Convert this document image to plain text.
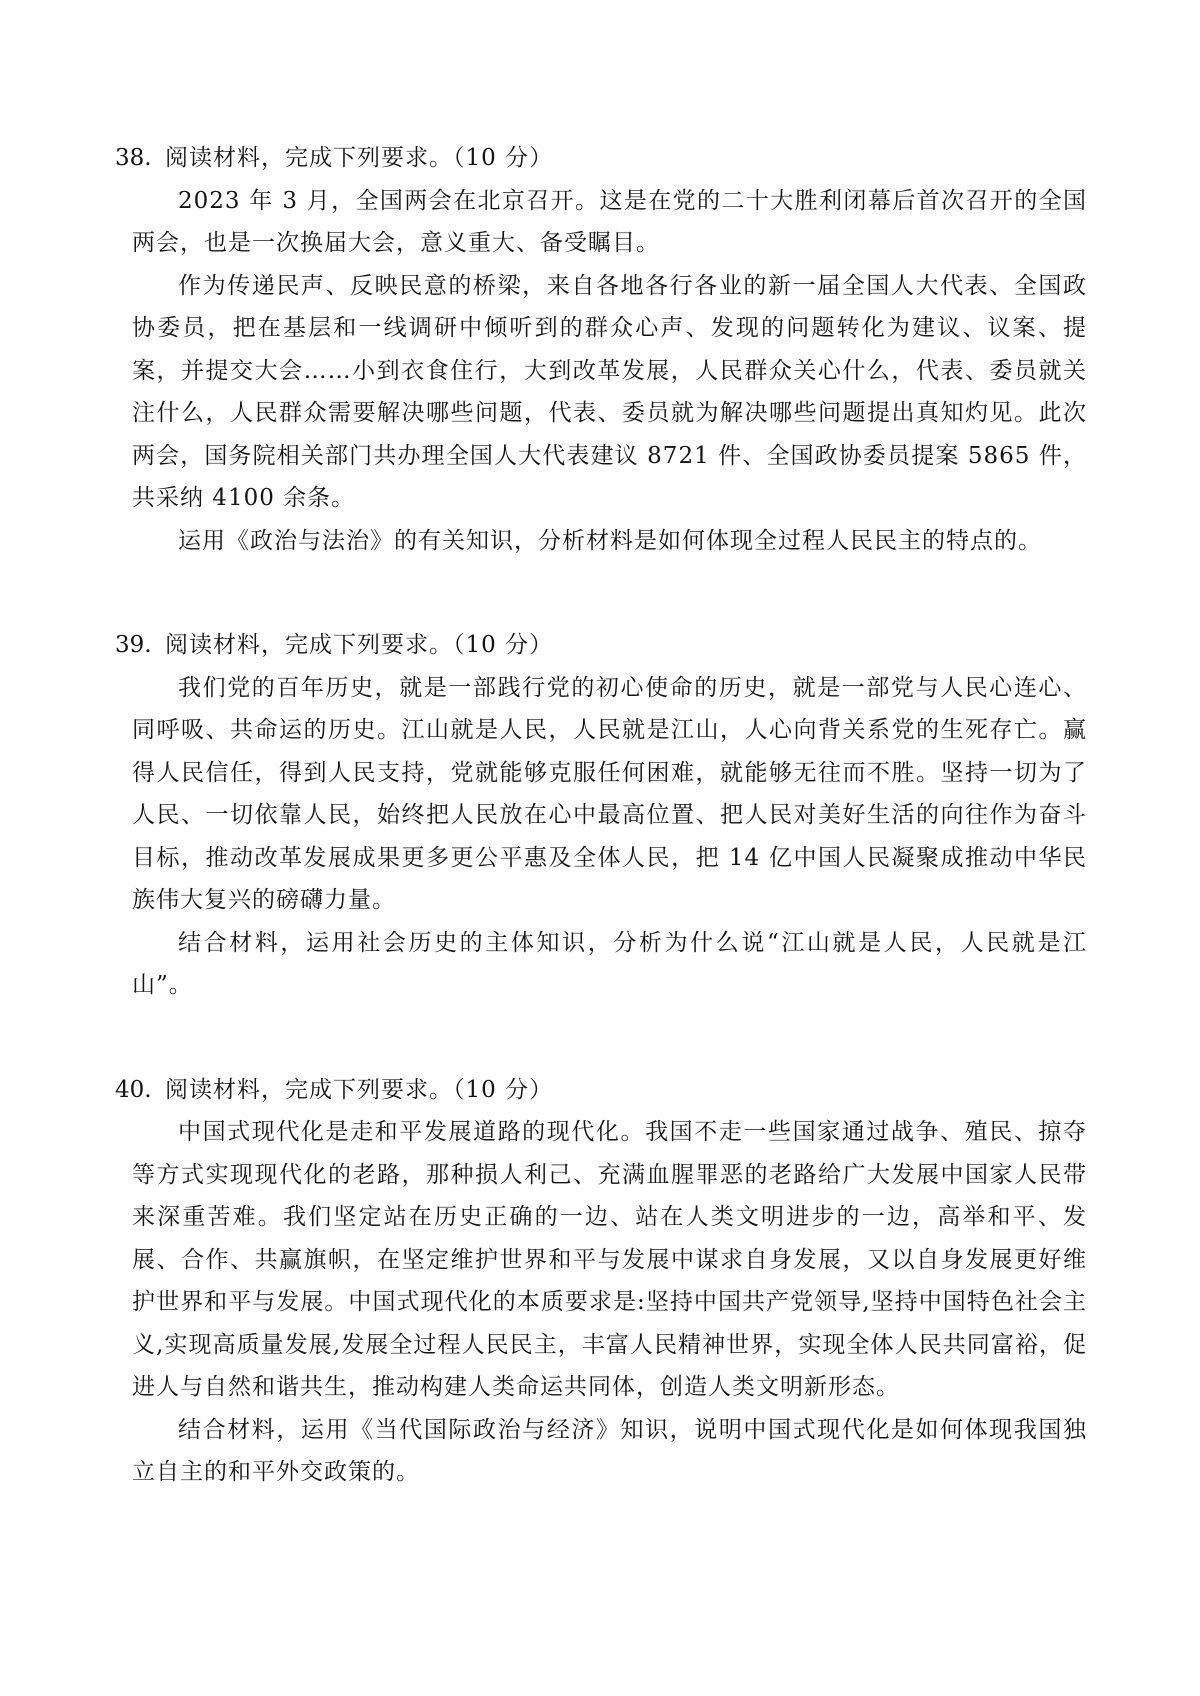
38. 阅读材料，完成下列要求。（10 分）

2023 年 3 月，全国两会在北京召开。这是在党的二十大胜利闭幕后首次召开的全国两会，也是一次换届大会，意义重大、备受瞩目。

作为传递民声、反映民意的桥梁，来自各地各行各业的新一届全国人大代表、全国政协委员，把在基层和一线调研中倾听到的群众心声、发现的问题转化为建议、议案、提案，并提交大会……小到衣食住行，大到改革发展，人民群众关心什么，代表、委员就关注什么，人民群众需要解决哪些问题，代表、委员就为解决哪些问题提出真知灼见。此次两会，国务院相关部门共办理全国人大代表建议 8721 件、全国政协委员提案 5865 件，共采纳 4100 余条。

运用《政治与法治》的有关知识，分析材料是如何体现全过程人民民主的特点的。

39. 阅读材料，完成下列要求。（10 分）

我们党的百年历史，就是一部践行党的初心使命的历史，就是一部党与人民心连心、同呼吸、共命运的历史。江山就是人民，人民就是江山，人心向背关系党的生死存亡。赢得人民信任，得到人民支持，党就能够克服任何困难，就能够无往而不胜。坚持一切为了人民、一切依靠人民，始终把人民放在心中最高位置、把人民对美好生活的向往作为奋斗目标，推动改革发展成果更多更公平惠及全体人民，把 14 亿中国人民凝聚成推动中华民族伟大复兴的磅礴力量。

结合材料，运用社会历史的主体知识，分析为什么说“江山就是人民，人民就是江山”。

40. 阅读材料，完成下列要求。（10 分）

中国式现代化是走和平发展道路的现代化。我国不走一些国家通过战争、殖民、掠夺等方式实现现代化的老路，那种损人利己、充满血腥罪恶的老路给广大发展中国家人民带来深重苦难。我们坚定站在历史正确的一边、站在人类文明进步的一边，高举和平、发展、合作、共赢旗帜，在坚定维护世界和平与发展中谋求自身发展，又以自身发展更好维护世界和平与发展。中国式现代化的本质要求是:坚持中国共产党领导,坚持中国特色社会主义,实现高质量发展,发展全过程人民民主，丰富人民精神世界，实现全体人民共同富裕，促进人与自然和谐共生，推动构建人类命运共同体，创造人类文明新形态。

结合材料，运用《当代国际政治与经济》知识，说明中国式现代化是如何体现我国独立自主的和平外交政策的。
